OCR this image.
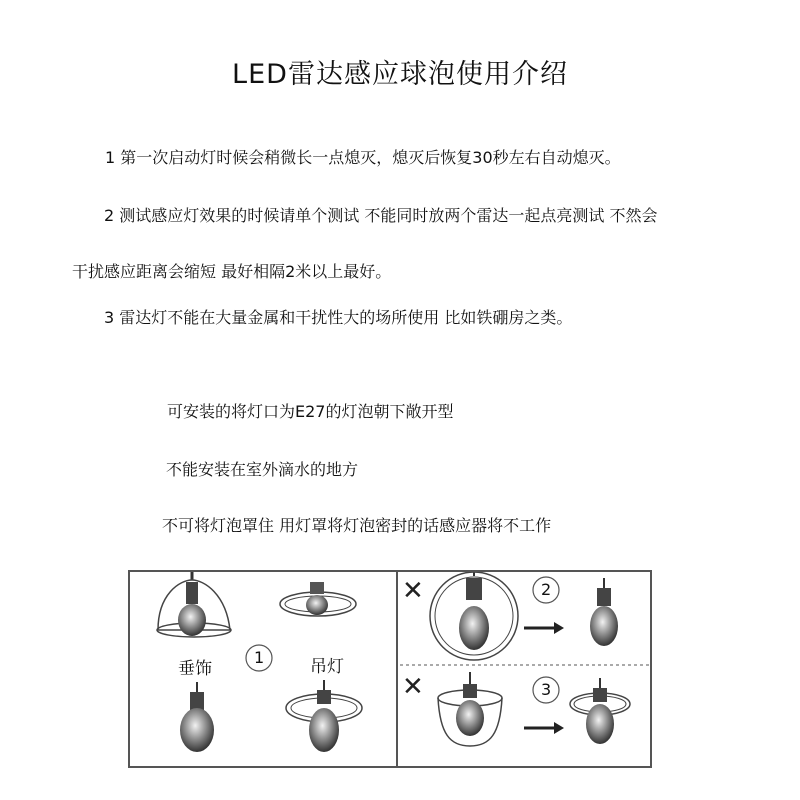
LED雷达感应球泡使用介绍
1 第一次启动灯时候会稍微长一点熄灭，熄灭后恢复30秒左右自动熄灭。
2 测试感应灯效果的时候请单个测试 不能同时放两个雷达一起点亮测试 不然会
干扰感应距离会缩短 最好相隔2米以上最好。
3 雷达灯不能在大量金属和干扰性大的场所使用 比如铁硼房之类。
可安装的将灯口为E27的灯泡朝下敞开型
不能安装在室外滴水的地方
不可将灯泡罩住 用灯罩将灯泡密封的话感应器将不工作
垂饰	吊灯
1
2
3
✕
✕
